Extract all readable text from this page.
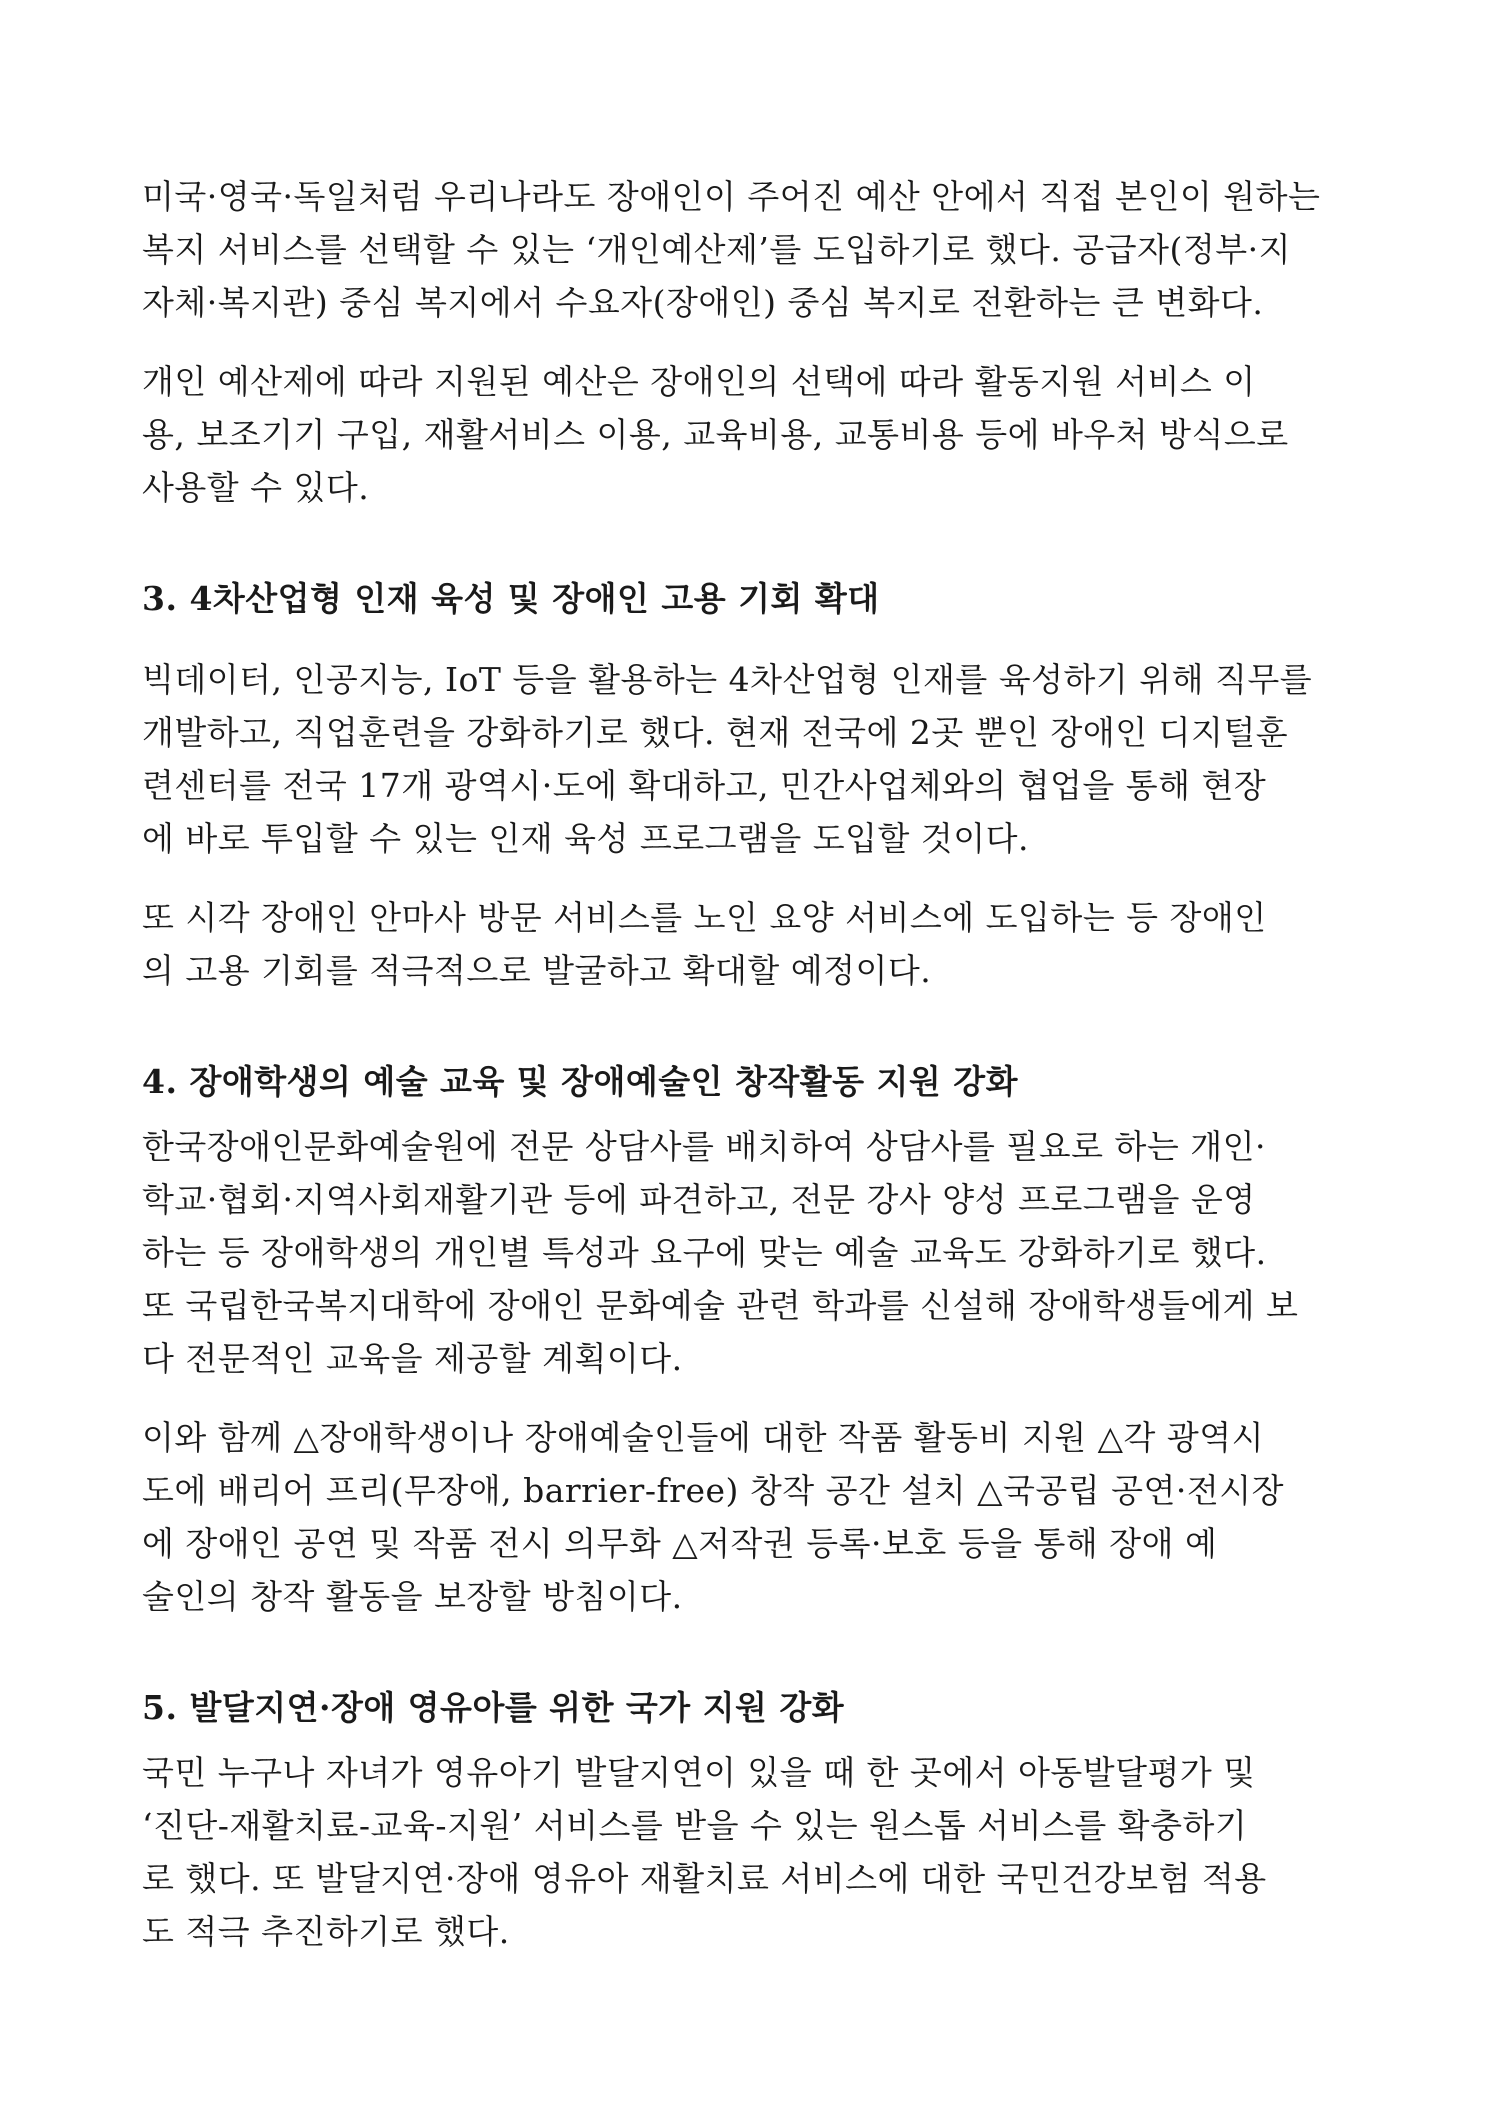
미국·영국·독일처럼 우리나라도 장애인이 주어진 예산 안에서 직접 본인이 원하는
복지 서비스를 선택할 수 있는 ‘개인예산제’를 도입하기로 했다. 공급자(정부·지
자체·복지관) 중심 복지에서 수요자(장애인) 중심 복지로 전환하는 큰 변화다.

개인 예산제에 따라 지원된 예산은 장애인의 선택에 따라 활동지원 서비스 이
용, 보조기기 구입, 재활서비스 이용, 교육비용, 교통비용 등에 바우처 방식으로
사용할 수 있다.

3. 4차산업형 인재 육성 및 장애인 고용 기회 확대

빅데이터, 인공지능, IoT 등을 활용하는 4차산업형 인재를 육성하기 위해 직무를
개발하고, 직업훈련을 강화하기로 했다. 현재 전국에 2곳 뿐인 장애인 디지털훈
련센터를 전국 17개 광역시·도에 확대하고, 민간사업체와의 협업을 통해 현장
에 바로 투입할 수 있는 인재 육성 프로그램을 도입할 것이다.

또 시각 장애인 안마사 방문 서비스를 노인 요양 서비스에 도입하는 등 장애인
의 고용 기회를 적극적으로 발굴하고 확대할 예정이다.

4. 장애학생의 예술 교육 및 장애예술인 창작활동 지원 강화

한국장애인문화예술원에 전문 상담사를 배치하여 상담사를 필요로 하는 개인·
학교·협회·지역사회재활기관 등에 파견하고, 전문 강사 양성 프로그램을 운영
하는 등 장애학생의 개인별 특성과 요구에 맞는 예술 교육도 강화하기로 했다.
또 국립한국복지대학에 장애인 문화예술 관련 학과를 신설해 장애학생들에게 보
다 전문적인 교육을 제공할 계획이다.

이와 함께 △장애학생이나 장애예술인들에 대한 작품 활동비 지원 △각 광역시
도에 배리어 프리(무장애, barrier-free) 창작 공간 설치 △국공립 공연·전시장
에 장애인 공연 및 작품 전시 의무화 △저작권 등록·보호 등을 통해 장애 예
술인의 창작 활동을 보장할 방침이다.

5. 발달지연·장애 영유아를 위한 국가 지원 강화

국민 누구나 자녀가 영유아기 발달지연이 있을 때 한 곳에서 아동발달평가 및
‘진단-재활치료-교육-지원’ 서비스를 받을 수 있는 원스톱 서비스를 확충하기
로 했다. 또 발달지연·장애 영유아 재활치료 서비스에 대한 국민건강보험 적용
도 적극 추진하기로 했다.
